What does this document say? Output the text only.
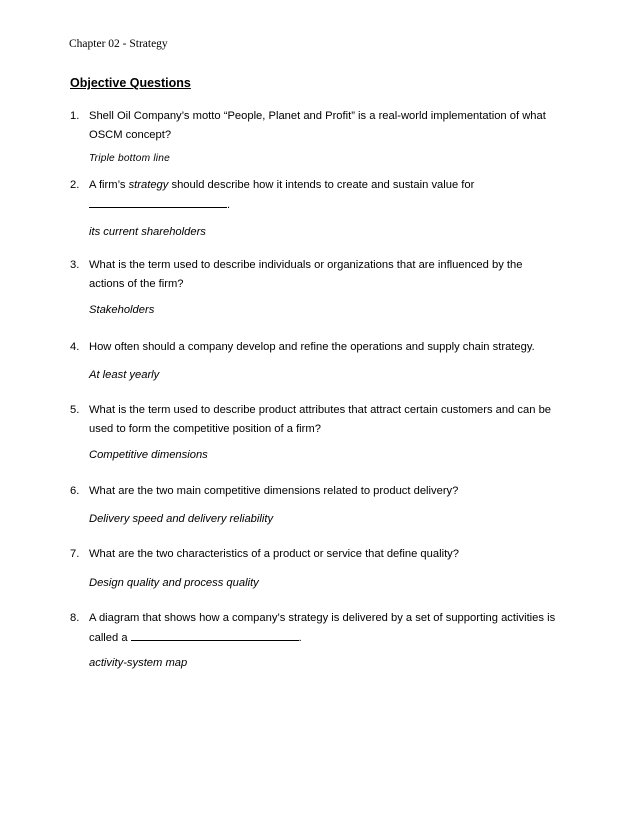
Chapter 02 - Strategy
Objective Questions
1. Shell Oil Company’s motto “People, Planet and Profit” is a real-world implementation of what OSCM concept?
Triple bottom line
2. A firm’s strategy should describe how it intends to create and sustain value for
.
its current shareholders
3. What is the term used to describe individuals or organizations that are influenced by the actions of the firm?
Stakeholders
4. How often should a company develop and refine the operations and supply chain strategy.
At least yearly
5. What is the term used to describe product attributes that attract certain customers and can be used to form the competitive position of a firm?
Competitive dimensions
6. What are the two main competitive dimensions related to product delivery?
Delivery speed and delivery reliability
7. What are the two characteristics of a product or service that define quality?
Design quality and process quality
8. A diagram that shows how a company’s strategy is delivered by a set of supporting activities is called a	.
activity-system map
